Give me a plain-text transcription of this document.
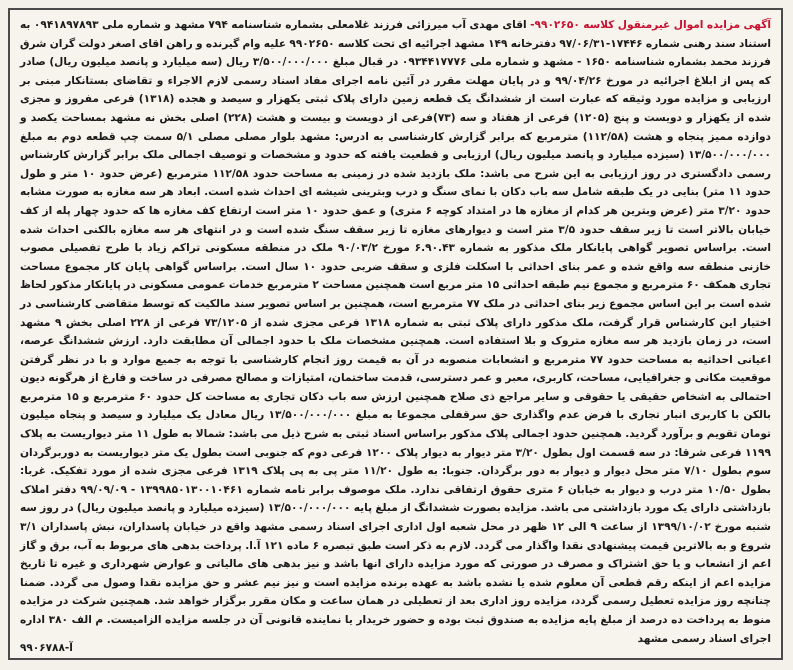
آگهی مزایده اموال غیرمنقول کلاسه ۹۹۰۲۶۵۰- اقای مهدی آب میرزائی فرزند غلامعلی بشماره شناسنامه ۷۹۴ مشهد و شماره ملی ۰۹۴۱۸۹۷۸۹۳ به استناد سند رهنی شماره ۱۷۴۴۶-۹۷/۰۶/۳۱ دفترخانه ۱۴۹ مشهد اجرائیه ای تحت کلاسه ۹۹۰۲۶۵۰ علیه وام گیرنده و راهن اقای اصغر دولت گران شرق فرزند محمد بشماره شناسنامه ۱۶۵۰ - مشهد و شماره ملی ۰۹۳۴۴۱۷۷۷۶ در قبال مبلغ ۳/۵۰۰/۰۰۰/۰۰۰ ریال (سه میلیارد و پانصد میلیون ریال) صادر که پس از ابلاغ اجرائیه در مورخ ۹۹/۰۴/۲۶ و در پایان مهلت مقرر در آئین نامه اجرای مفاد اسناد رسمی لازم الاجراء و تقاضای بستانکار مبنی بر ارزیابی و مزایده مورد وثیقه که عبارت است از ششدانگ یک قطعه زمین دارای پلاک ثبتی یکهزار و سیصد و هجده (۱۳۱۸) فرعی مفروز و مجزی شده از یکهزار و دویست و پنج (۱۲۰۵) فرعی از هفتاد و سه (۷۳)فرعی از دویست و بیست و هشت (۲۲۸) اصلی بخش نه مشهد بمساحت یکصد و دوازده ممیز پنجاه و هشت (۱۱۲/۵۸) مترمربع که برابر گزارش کارشناسی به ادرس: مشهد بلوار مصلی مصلی ۵/۱ سمت چپ قطعه دوم به مبلغ ۱۳/۵۰۰/۰۰۰/۰۰۰ (سیزده میلیارد و پانصد میلیون ریال) ارزیابی و قطعیت یافته که حدود و مشخصات و توصیف اجمالی ملک برابر گزارش کارشناس رسمی دادگستری در روز ارزیابی به این شرح می باشد: ملک بازدید شده در زمینی به مساحت حدود ۱۱۲/۵۸ مترمربع (عرض حدود ۱۰ متر و طول حدود ۱۱ متر) بنایی در یک طبقه شامل سه باب دکان با نمای سنگ و درب وبترینی شیشه ای احداث شده است. ابعاد هر سه مغازه به صورت مشابه حدود ۳/۲۰ متر (عرض وبترین هر کدام از مغازه ها در امتداد کوچه ۶ متری) و عمق حدود ۱۰ متر است ارتفاع کف مغازه ها که حدود چهار پله از کف خیابان بالاتر است تا زیر سقف حدود ۳/۵ متر است و دیوارهای مغازه تا زیر سقف سنگ شده است و در انتهای هر سه مغازه بالکنی احداث شده است. براساس تصویر گواهی پایانکار ملک مذکور به شماره ۶.۹۰.۴۳ مورخ ۹۰/۰۳/۲ ملک در منطقه مسکونی تراکم زیاد با طرح تفصیلی مصوب خازنی منطقه سه واقع شده و عمر بنای احداثی با اسکلت فلزی و سقف ضربی حدود ۱۰ سال است. براساس گواهی پایان کار مجموع مساحت تجاری همکف ۶۰ مترمربع و مجموع نیم طبقه احداثی ۱۵ متر مربع است همچنین مساحت ۲ مترمربع خدمات عمومی مسکونی در پایانکار مذکور لحاظ شده است بر این اساس مجموع زیر بنای احداثی در ملک ۷۷ مترمربع است، همچنین بر اساس تصویر سند مالکیت که توسط متقاضی کارشناسی در اختیار این کارشناس قرار گرفت، ملک مذکور دارای پلاک ثبتی به شماره ۱۳۱۸ فرعی مجزی شده از ۷۳/۱۲۰۵ فرعی از ۲۲۸ اصلی بخش ۹ مشهد است، در زمان بازدید هر سه مغازه متروک و بلا استفاده است. همچنین مشخصات ملک با حدود اجمالی آن مطابقت دارد. ارزش ششدانگ عرصه، اعیانی احداثیه به مساحت حدود ۷۷ مترمربع و انشعابات منصوبه در آن به قیمت روز انجام کارشناسی با توجه به جمیع موارد و با در نظر گرفتن موقعیت مکانی و جغرافیایی، مساحت، کاربری، معبر و عمر دسترسی، قدمت ساختمان، امتیازات و مصالح مصرفی در ساخت و فارغ از هرگونه دیون احتمالی به اشخاص حقیقی یا حقوقی و سایر مراجع ذی صلاح همچنین ارزش سه باب دکان تجاری به مساحت کل حدود ۶۰ مترمربع و ۱۵ مترمربع بالکن با کاربری انبار تجاری با فرض عدم واگذاری حق سرقفلی مجموعا به مبلغ ۱۳/۵۰۰/۰۰۰/۰۰۰ ریال معادل یک میلیارد و سیصد و پنجاه میلیون تومان تقویم و برآورد گردید. همچنین حدود اجمالی پلاک مذکور براساس اسناد ثبتی به شرح ذیل می باشد: شمالا به طول ۱۱ متر دیواریست به پلاک ۱۱۹۹ فرعی شرقا: در سه قسمت اول بطول ۳/۲۰ متر دیوار به دیوار پلاک ۱۲۰۰ فرعی دوم که جنوبی است بطول یک متر دیواریست به دوربرگردان سوم بطول ۷/۱۰ متر محل دیوار و دیوار به دور برگردان. جنوبا: به طول ۱۱/۲۰ متر پی به پی پلاک ۱۳۱۹ فرعی مجزی شده از مورد تفکیک. غربا: بطول ۱۰/۵۰ متر درب و دیوار به خیابان ۶ متری حقوق ارتفاقی ندارد. ملک موصوف برابر نامه شماره ۱۳۹۹۸۵۰۱۳۰۰۱۰۴۶۱ - ۹۹/۰۹/۰۹ دفتر املاک بازداشتی دارای یک مورد بازداشتی می باشد. مزایده بصورت ششدانگ از مبلغ پایه ۱۳/۵۰۰/۰۰۰/۰۰۰ (سیزده میلیارد و پانصد میلیون ریال) در روز سه شنبه مورخ ۱۳۹۹/۱۰/۰۲ از ساعت ۹ الی ۱۲ ظهر در محل شعبه اول اداری اجرای اسناد رسمی مشهد واقع در خیابان پاسداران، نبش پاسداران ۳/۱ شروع و به بالاترین قیمت پیشنهادی نقدا واگذار می گردد. لازم به ذکر است طبق تبصره ۶ ماده ۱۲۱ آ.ا. پرداخت بدهی های مربوط به آب، برق و گاز اعم از انشعاب و یا حق اشتراک و مصرف در صورتی که مورد مزایده دارای انها باشد و نیز بدهی های مالیاتی و عوارض شهرداری و غیره تا تاریخ مزایده اعم از اینکه رقم قطعی آن معلوم شده یا نشده باشد به عهده برنده مزایده است و نیز نیم عشر و حق مزایده نقدا وصول می گردد. ضمنا چنانچه روز مزایده تعطیل رسمی گردد، مزایده روز اداری بعد از تعطیلی در همان ساعت و مکان مقرر برگزار خواهد شد. همچنین شرکت در مزایده منوط به پرداخت ده درصد از مبلغ پایه مزایده به صندوق ثبت بوده و حضور خریدار یا نماینده قانونی آن در جلسه مزایده الزامیست. م الف ۳۸۰ اداره اجرای اسناد رسمی مشهد
آ-۹۹۰۶۷۸۸
